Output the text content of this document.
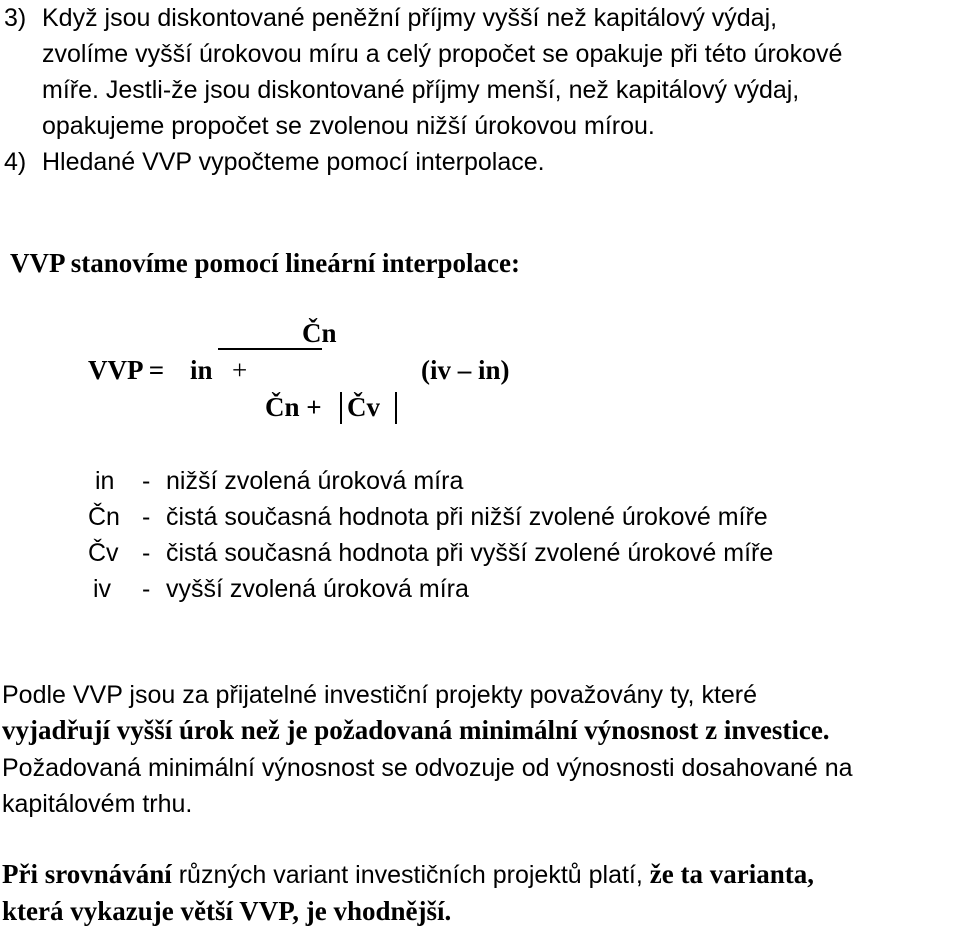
3) Když jsou diskontované peněžní příjmy vyšší než kapitálový výdaj,
zvolíme vyšší úrokovou míru a celý propočet se opakuje při této úrokové
míře. Jestli-že jsou diskontované příjmy menší, než kapitálový výdaj,
opakujeme propočet se zvolenou nižší úrokovou mírou.
4) Hledané VVP vypočteme pomocí interpolace.
VVP stanovíme pomocí lineární interpolace:
Čn
VVP = in +	(iv – in)
Čn + Čv
in - nižší zvolená úroková míra
Čn - čistá současná hodnota při nižší zvolené úrokové míře
Čv - čistá současná hodnota při vyšší zvolené úrokové míře
iv - vyšší zvolená úroková míra
Podle VVP jsou za přijatelné investiční projekty považovány ty, které
vyjadřují vyšší úrok než je požadovaná minimální výnosnost z investice.
Požadovaná minimální výnosnost se odvozuje od výnosnosti dosahované na
kapitálovém trhu.
Při srovnávání různých variant investičních projektů platí, že ta varianta,
která vykazuje větší VVP, je vhodnější.
